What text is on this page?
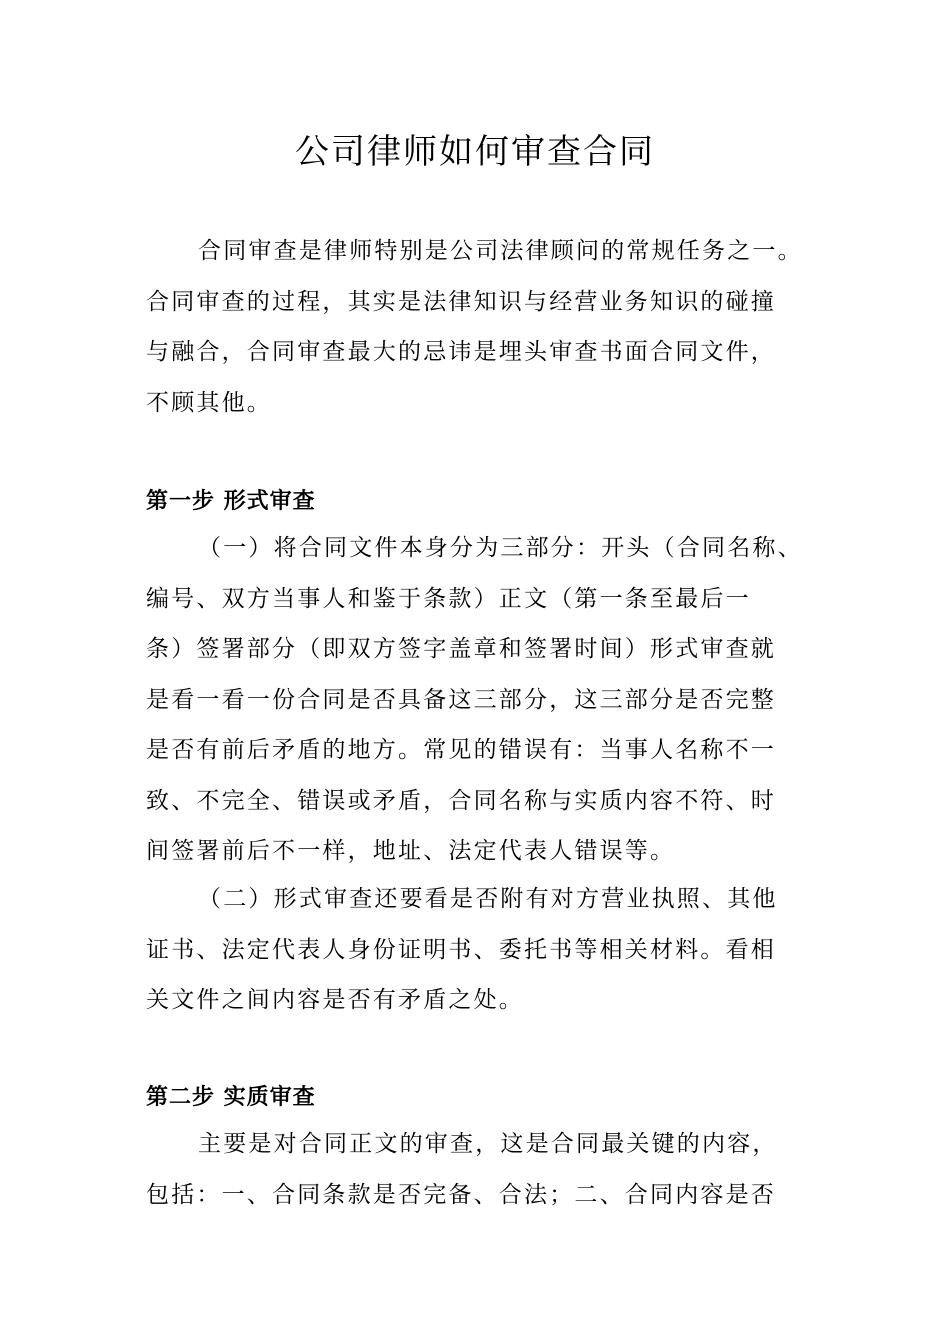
公司律师如何审查合同
合同审查是律师特别是公司法律顾问的常规任务之一。
合同审查的过程，其实是法律知识与经营业务知识的碰撞
与融合，合同审查最大的忌讳是埋头审查书面合同文件，
不顾其他。
第一步 形式审查
（一）将合同文件本身分为三部分：开头（合同名称、
编号、双方当事人和鉴于条款）正文（第一条至最后一
条）签署部分（即双方签字盖章和签署时间）形式审查就
是看一看一份合同是否具备这三部分，这三部分是否完整
是否有前后矛盾的地方。常见的错误有：当事人名称不一
致、不完全、错误或矛盾，合同名称与实质内容不符、时
间签署前后不一样，地址、法定代表人错误等。
（二）形式审查还要看是否附有对方营业执照、其他
证书、法定代表人身份证明书、委托书等相关材料。看相
关文件之间内容是否有矛盾之处。
第二步 实质审查
主要是对合同正文的审查，这是合同最关键的内容，
包括：一、合同条款是否完备、合法；二、合同内容是否
